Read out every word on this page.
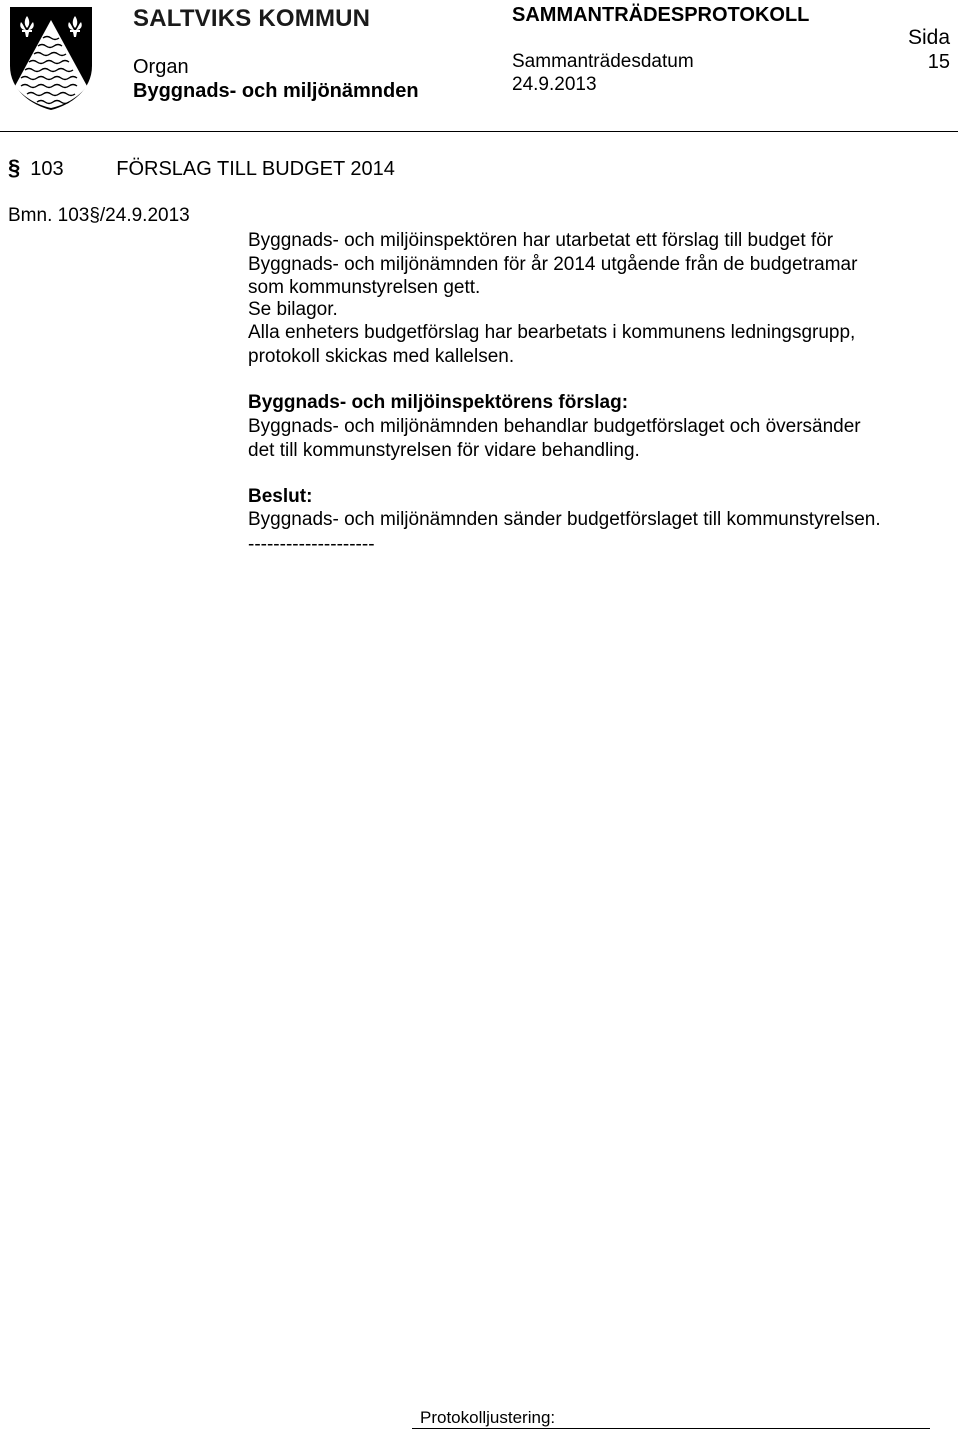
SALTVIKS KOMMUN
Organ
Byggnads- och miljönämnden
SAMMANTRÄDESPROTOKOLL
Sammanträdesdatum
24.9.2013
Sida
15
§ 103	FÖRSLAG TILL BUDGET 2014
Bmn. 103§/24.9.2013
Byggnads- och miljöinspektören har utarbetat ett förslag till budget för
Byggnads- och miljönämnden för år 2014 utgående från de budgetramar
som kommunstyrelsen gett.
Se bilagor.
Alla enheters budgetförslag har bearbetats i kommunens ledningsgrupp,
protokoll skickas med kallelsen.
Byggnads- och miljöinspektörens förslag:
Byggnads- och miljönämnden behandlar budgetförslaget och översänder
det till kommunstyrelsen för vidare behandling.
Beslut:
Byggnads- och miljönämnden sänder budgetförslaget till kommunstyrelsen.
--------------------
Protokolljustering:
